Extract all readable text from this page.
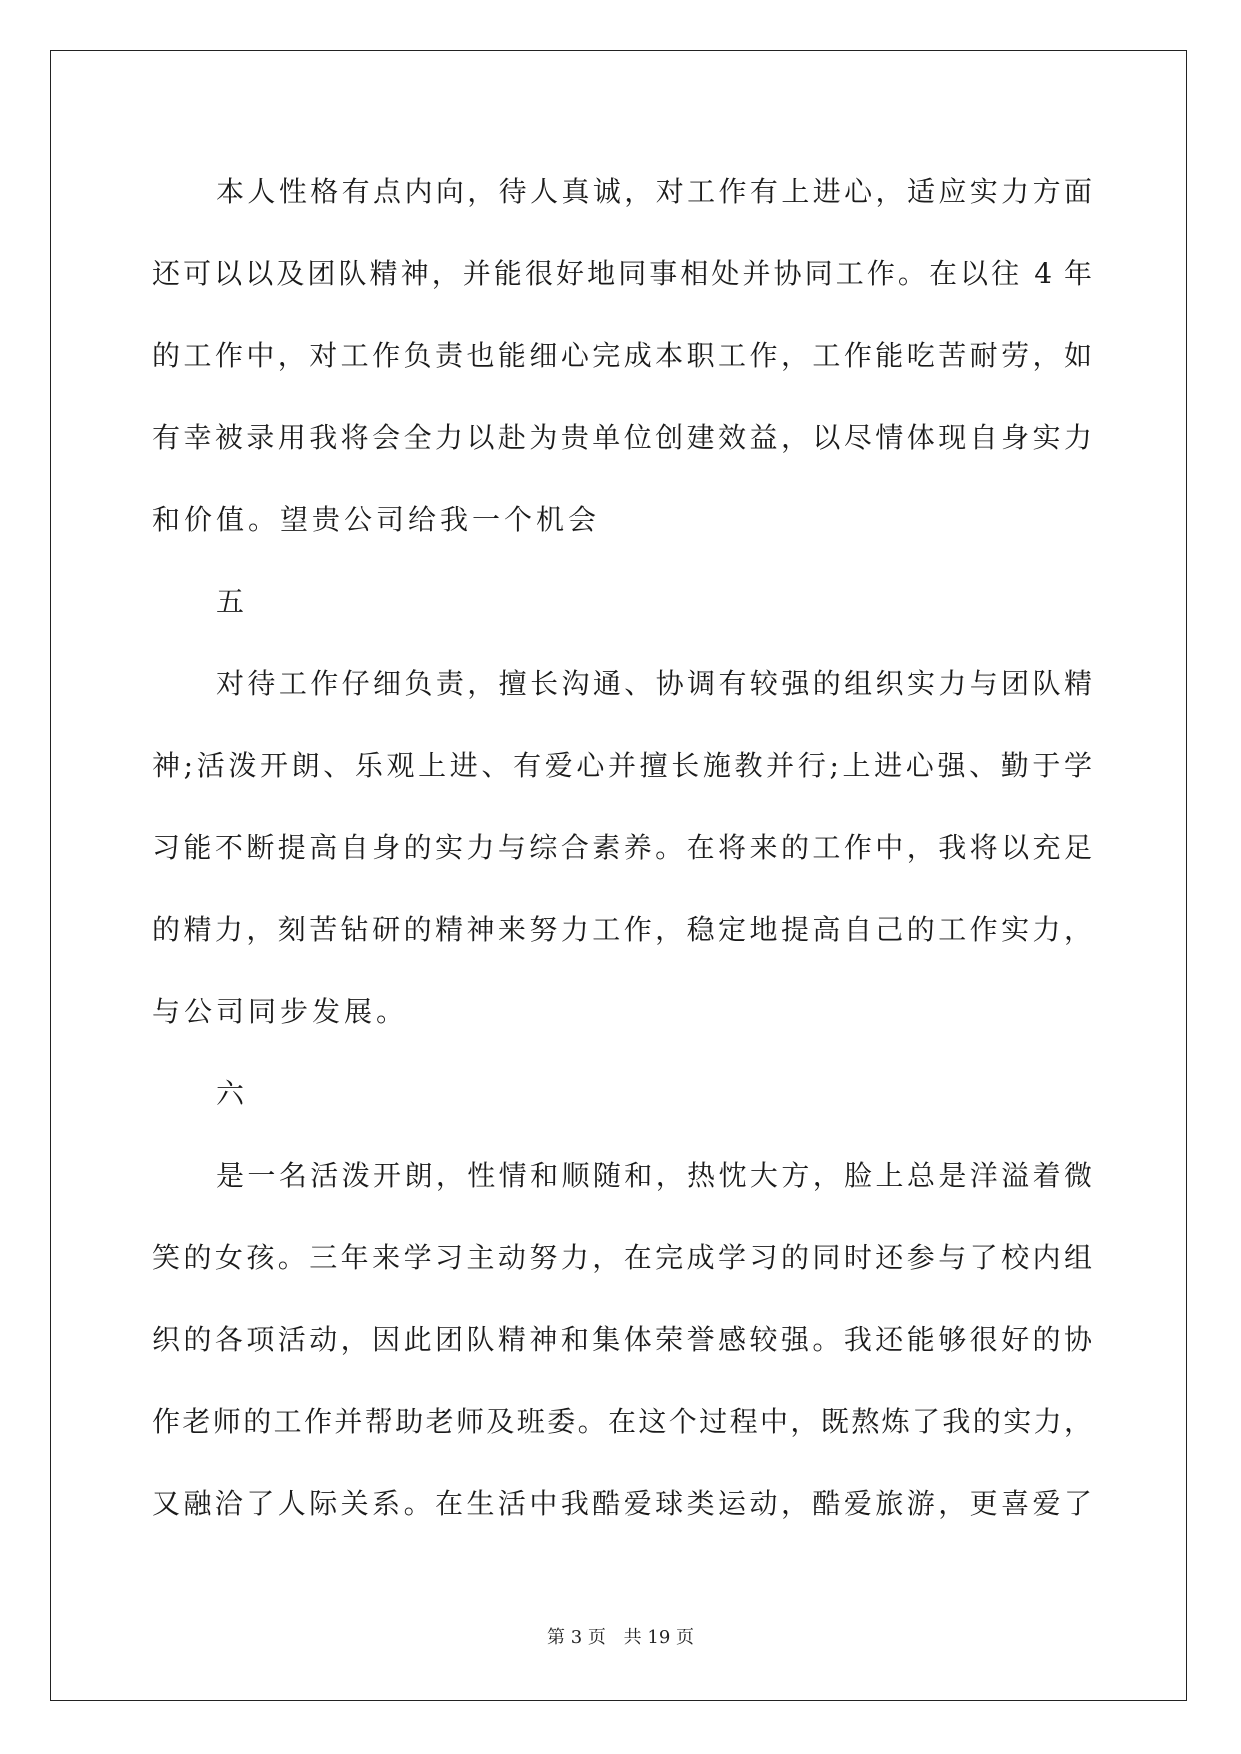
本人性格有点内向，待人真诚，对工作有上进心，适应实力方面
还可以以及团队精神，并能很好地同事相处并协同工作。在以往 4 年
的工作中，对工作负责也能细心完成本职工作，工作能吃苦耐劳，如
有幸被录用我将会全力以赴为贵单位创建效益，以尽情体现自身实力
和价值。望贵公司给我一个机会
五
对待工作仔细负责，擅长沟通、协调有较强的组织实力与团队精
神;活泼开朗、乐观上进、有爱心并擅长施教并行;上进心强、勤于学
习能不断提高自身的实力与综合素养。在将来的工作中，我将以充足
的精力，刻苦钻研的精神来努力工作，稳定地提高自己的工作实力，
与公司同步发展。
六
是一名活泼开朗，性情和顺随和，热忱大方，脸上总是洋溢着微
笑的女孩。三年来学习主动努力，在完成学习的同时还参与了校内组
织的各项活动，因此团队精神和集体荣誉感较强。我还能够很好的协
作老师的工作并帮助老师及班委。在这个过程中，既熬炼了我的实力，
又融洽了人际关系。在生活中我酷爱球类运动，酷爱旅游，更喜爱了
第 3 页 共 19 页
